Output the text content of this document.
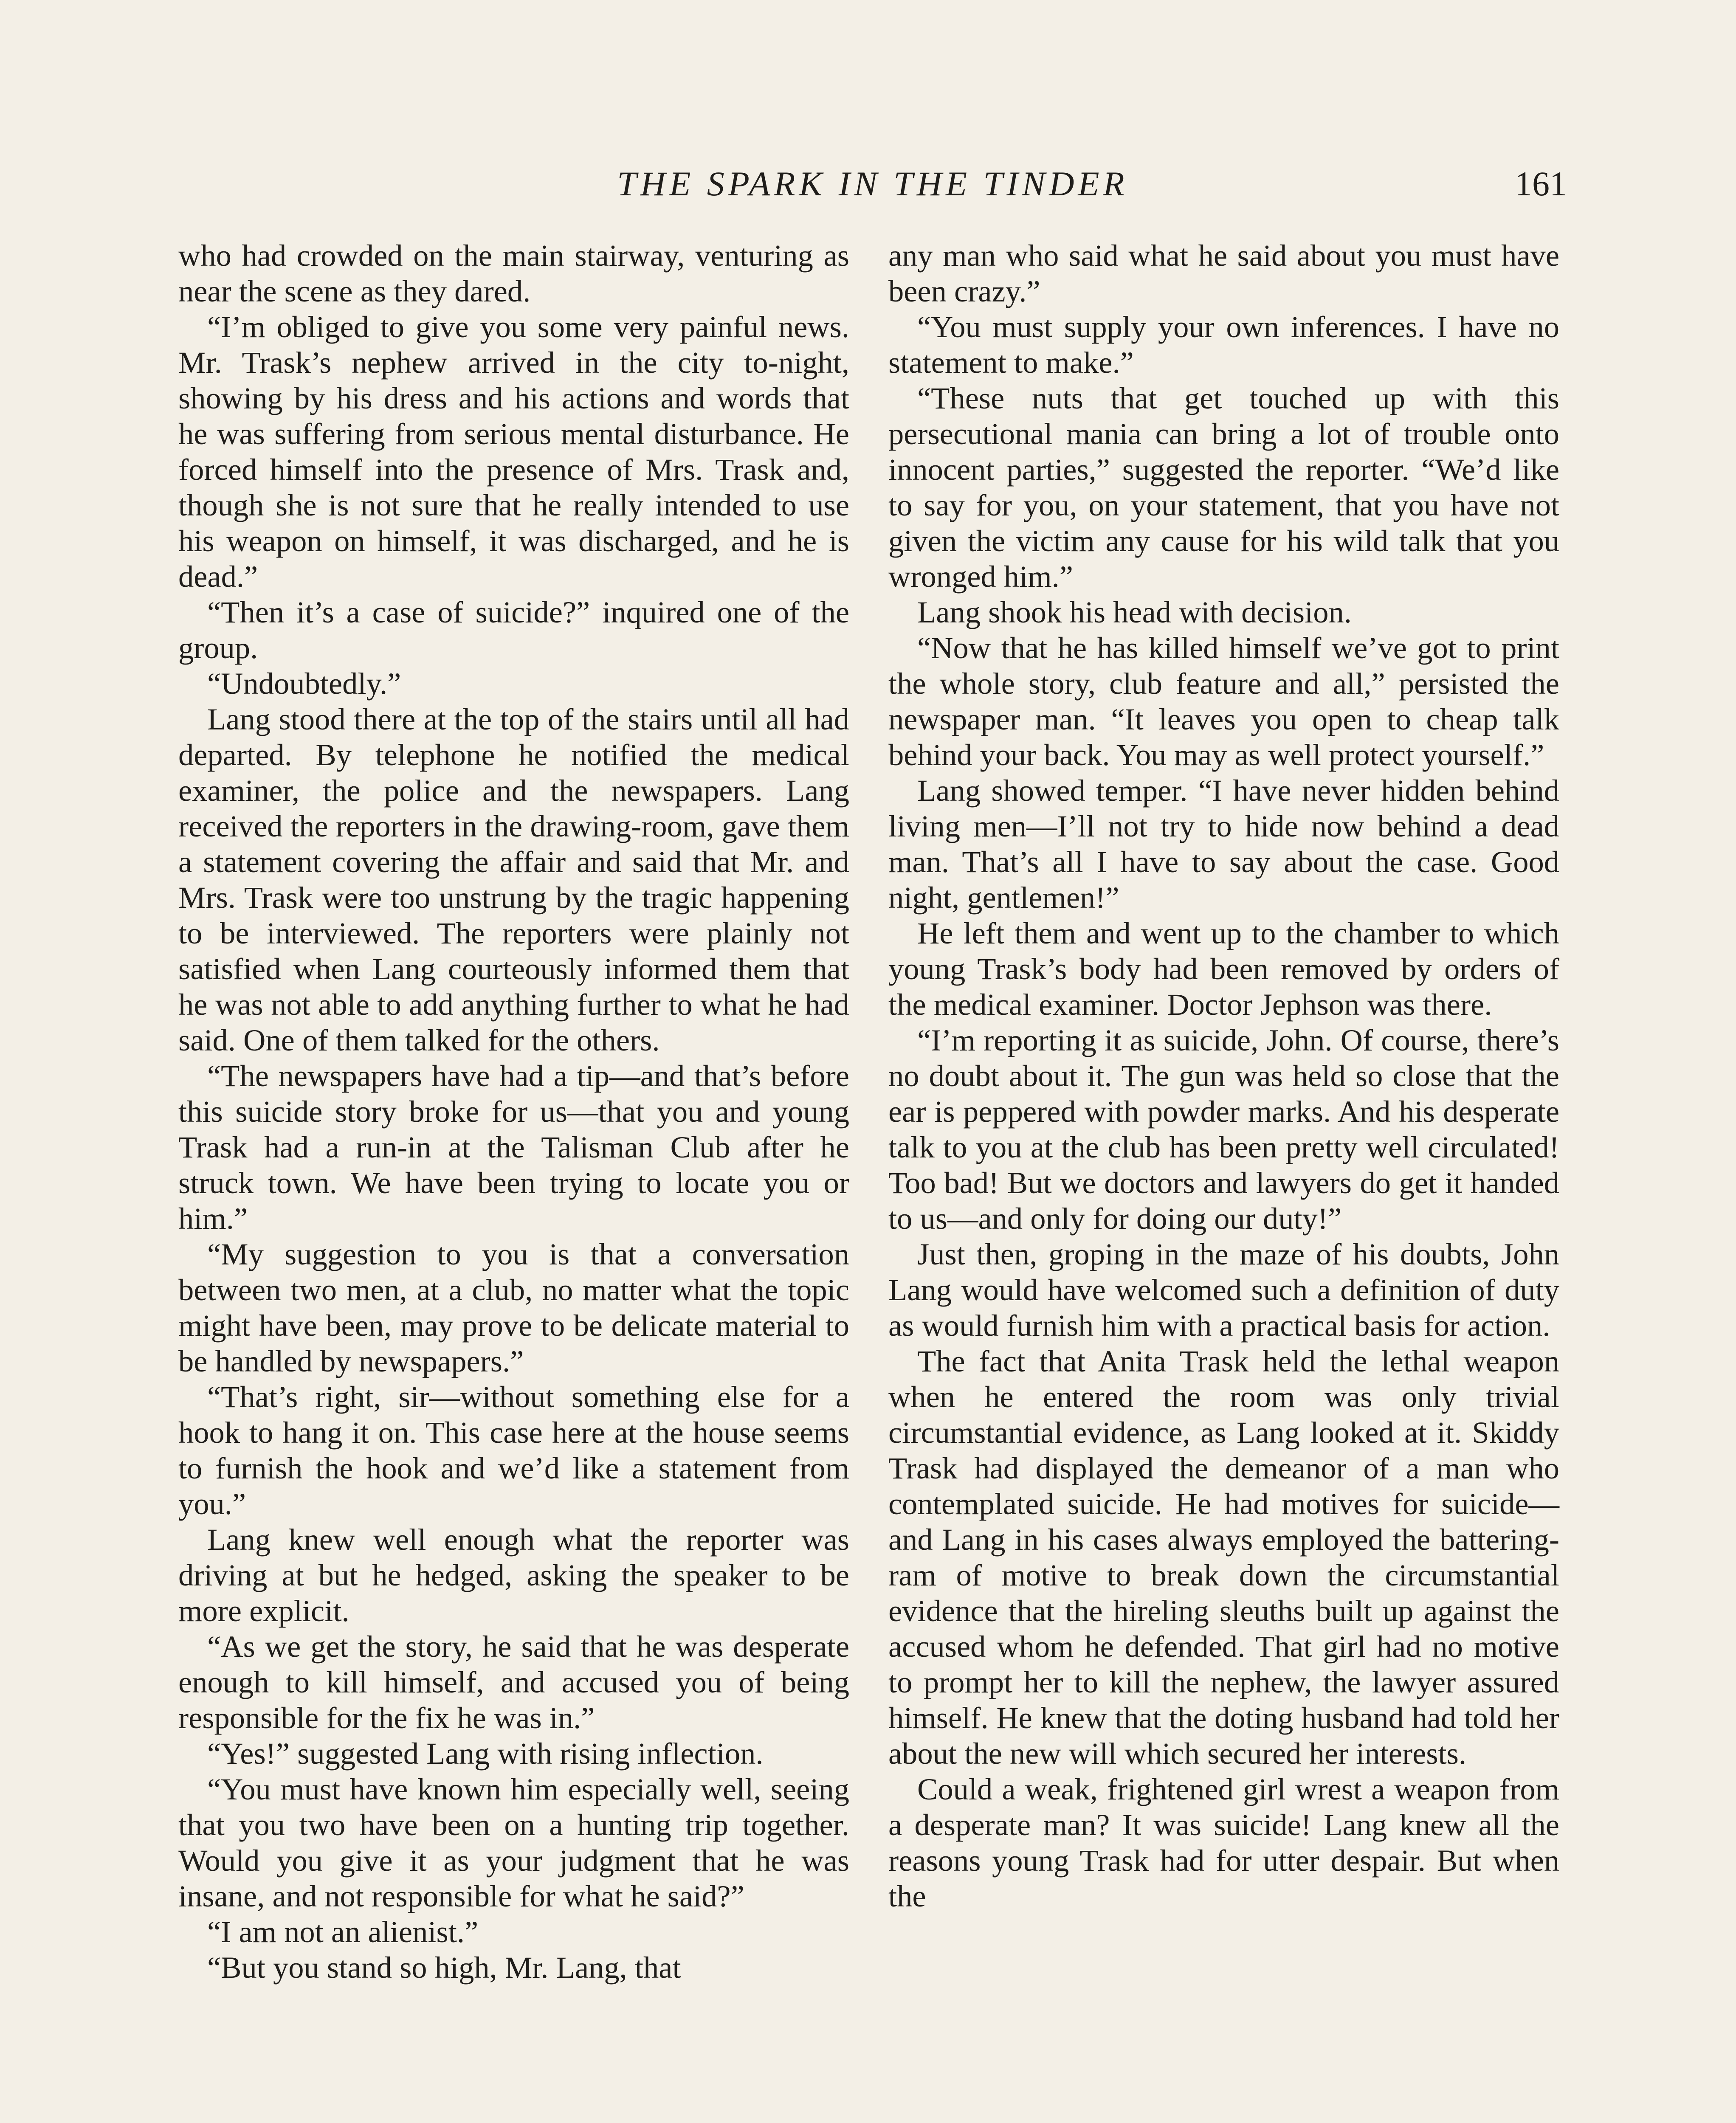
THE SPARK IN THE TINDER	161

who had crowded on the main stairway, venturing as near the scene as they dared.

“I’m obliged to give you some very painful news. Mr. Trask’s nephew arrived in the city to-night, showing by his dress and his actions and words that he was suffering from serious mental disturbance. He forced himself into the presence of Mrs. Trask and, though she is not sure that he really intended to use his weapon on himself, it was discharged, and he is dead.”

“Then it’s a case of suicide?” inquired one of the group.

“Undoubtedly.”

Lang stood there at the top of the stairs until all had departed. By telephone he notified the medical examiner, the police and the newspapers. Lang received the reporters in the drawing-room, gave them a statement covering the affair and said that Mr. and Mrs. Trask were too unstrung by the tragic happening to be interviewed. The reporters were plainly not satisfied when Lang courteously informed them that he was not able to add anything further to what he had said. One of them talked for the others.

“The newspapers have had a tip—and that’s before this suicide story broke for us—that you and young Trask had a run-in at the Talisman Club after he struck town. We have been trying to locate you or him.”

“My suggestion to you is that a conversation between two men, at a club, no matter what the topic might have been, may prove to be delicate material to be handled by newspapers.”

“That’s right, sir—without something else for a hook to hang it on. This case here at the house seems to furnish the hook and we’d like a statement from you.”

Lang knew well enough what the reporter was driving at but he hedged, asking the speaker to be more explicit.

“As we get the story, he said that he was desperate enough to kill himself, and accused you of being responsible for the fix he was in.”

“Yes!” suggested Lang with rising inflection.

“You must have known him especially well, seeing that you two have been on a hunting trip together. Would you give it as your judgment that he was insane, and not responsible for what he said?”

“I am not an alienist.”

“But you stand so high, Mr. Lang, that

any man who said what he said about you must have been crazy.”

“You must supply your own inferences. I have no statement to make.”

“These nuts that get touched up with this persecutional mania can bring a lot of trouble onto innocent parties,” suggested the reporter. “We’d like to say for you, on your statement, that you have not given the victim any cause for his wild talk that you wronged him.”

Lang shook his head with decision.

“Now that he has killed himself we’ve got to print the whole story, club feature and all,” persisted the newspaper man. “It leaves you open to cheap talk behind your back. You may as well protect yourself.”

Lang showed temper. “I have never hidden behind living men—I’ll not try to hide now behind a dead man. That’s all I have to say about the case. Good night, gentlemen!”

He left them and went up to the chamber to which young Trask’s body had been removed by orders of the medical examiner. Doctor Jephson was there.

“I’m reporting it as suicide, John. Of course, there’s no doubt about it. The gun was held so close that the ear is peppered with powder marks. And his desperate talk to you at the club has been pretty well circulated! Too bad! But we doctors and lawyers do get it handed to us—and only for doing our duty!”

Just then, groping in the maze of his doubts, John Lang would have welcomed such a definition of duty as would furnish him with a practical basis for action.

The fact that Anita Trask held the lethal weapon when he entered the room was only trivial circumstantial evidence, as Lang looked at it. Skiddy Trask had displayed the demeanor of a man who contemplated suicide. He had motives for suicide—and Lang in his cases always employed the battering-ram of motive to break down the circumstantial evidence that the hireling sleuths built up against the accused whom he defended. That girl had no motive to prompt her to kill the nephew, the lawyer assured himself. He knew that the doting husband had told her about the new will which secured her interests.

Could a weak, frightened girl wrest a weapon from a desperate man? It was suicide! Lang knew all the reasons young Trask had for utter despair. But when the
